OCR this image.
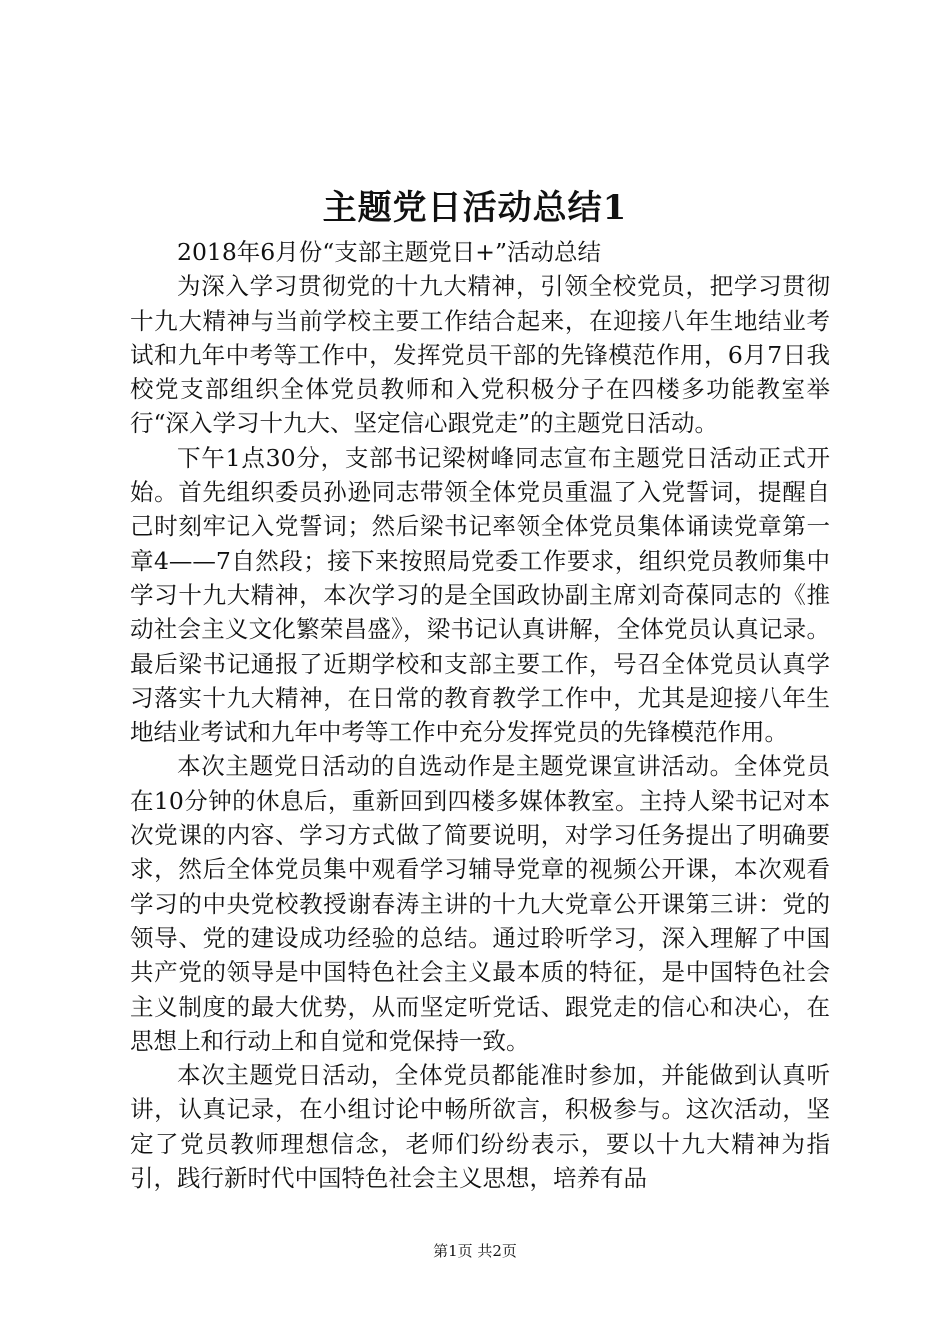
主题党日活动总结1

2018年6月份“支部主题党日+”活动总结

为深入学习贯彻党的十九大精神，引领全校党员，把学习贯彻十九大精神与当前学校主要工作结合起来，在迎接八年生地结业考试和九年中考等工作中，发挥党员干部的先锋模范作用，6月7日我校党支部组织全体党员教师和入党积极分子在四楼多功能教室举行“深入学习十九大、坚定信心跟党走”的主题党日活动。

下午1点30分，支部书记梁树峰同志宣布主题党日活动正式开始。首先组织委员孙逊同志带领全体党员重温了入党誓词，提醒自己时刻牢记入党誓词；然后梁书记率领全体党员集体诵读党章第一章4——7自然段；接下来按照局党委工作要求，组织党员教师集中学习十九大精神，本次学习的是全国政协副主席刘奇葆同志的《推动社会主义文化繁荣昌盛》，梁书记认真讲解，全体党员认真记录。最后梁书记通报了近期学校和支部主要工作，号召全体党员认真学习落实十九大精神，在日常的教育教学工作中，尤其是迎接八年生地结业考试和九年中考等工作中充分发挥党员的先锋模范作用。

本次主题党日活动的自选动作是主题党课宣讲活动。全体党员在10分钟的休息后，重新回到四楼多媒体教室。主持人梁书记对本次党课的内容、学习方式做了简要说明，对学习任务提出了明确要求，然后全体党员集中观看学习辅导党章的视频公开课，本次观看学习的中央党校教授谢春涛主讲的十九大党章公开课第三讲：党的领导、党的建设成功经验的总结。通过聆听学习，深入理解了中国共产党的领导是中国特色社会主义最本质的特征，是中国特色社会主义制度的最大优势，从而坚定听党话、跟党走的信心和决心，在思想上和行动上和自觉和党保持一致。

本次主题党日活动，全体党员都能准时参加，并能做到认真听讲，认真记录，在小组讨论中畅所欲言，积极参与。这次活动，坚定了党员教师理想信念，老师们纷纷表示，要以十九大精神为指引，践行新时代中国特色社会主义思想，培养有品

第1页 共2页
